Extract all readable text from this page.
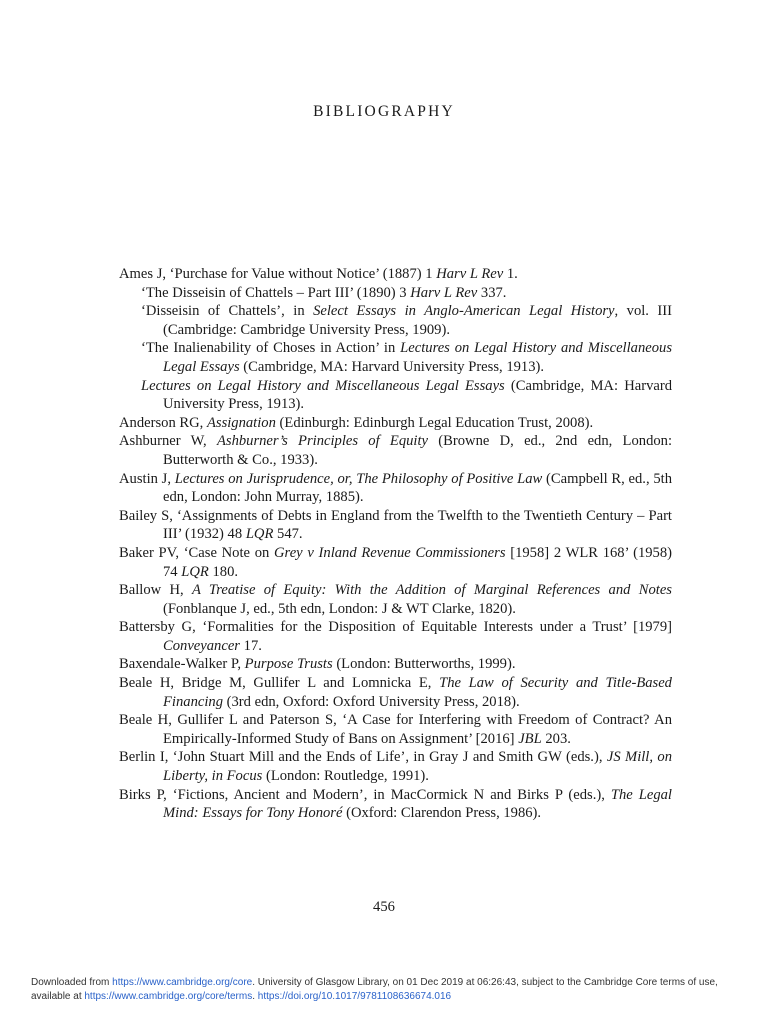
BIBLIOGRAPHY
Ames J, ‘Purchase for Value without Notice’ (1887) 1 Harv L Rev 1.
‘The Disseisin of Chattels – Part III’ (1890) 3 Harv L Rev 337.
‘Disseisin of Chattels’, in Select Essays in Anglo-American Legal History, vol. III (Cambridge: Cambridge University Press, 1909).
‘The Inalienability of Choses in Action’ in Lectures on Legal History and Miscellaneous Legal Essays (Cambridge, MA: Harvard University Press, 1913).
Lectures on Legal History and Miscellaneous Legal Essays (Cambridge, MA: Harvard University Press, 1913).
Anderson RG, Assignation (Edinburgh: Edinburgh Legal Education Trust, 2008).
Ashburner W, Ashburner’s Principles of Equity (Browne D, ed., 2nd edn, London: Butterworth & Co., 1933).
Austin J, Lectures on Jurisprudence, or, The Philosophy of Positive Law (Campbell R, ed., 5th edn, London: John Murray, 1885).
Bailey S, ‘Assignments of Debts in England from the Twelfth to the Twentieth Century – Part III’ (1932) 48 LQR 547.
Baker PV, ‘Case Note on Grey v Inland Revenue Commissioners [1958] 2 WLR 168’ (1958) 74 LQR 180.
Ballow H, A Treatise of Equity: With the Addition of Marginal References and Notes (Fonblanque J, ed., 5th edn, London: J & WT Clarke, 1820).
Battersby G, ‘Formalities for the Disposition of Equitable Interests under a Trust’ [1979] Conveyancer 17.
Baxendale-Walker P, Purpose Trusts (London: Butterworths, 1999).
Beale H, Bridge M, Gullifer L and Lomnicka E, The Law of Security and Title-Based Financing (3rd edn, Oxford: Oxford University Press, 2018).
Beale H, Gullifer L and Paterson S, ‘A Case for Interfering with Freedom of Contract? An Empirically-Informed Study of Bans on Assignment’ [2016] JBL 203.
Berlin I, ‘John Stuart Mill and the Ends of Life’, in Gray J and Smith GW (eds.), JS Mill, on Liberty, in Focus (London: Routledge, 1991).
Birks P, ‘Fictions, Ancient and Modern’, in MacCormick N and Birks P (eds.), The Legal Mind: Essays for Tony Honoré (Oxford: Clarendon Press, 1986).
456
Downloaded from https://www.cambridge.org/core. University of Glasgow Library, on 01 Dec 2019 at 06:26:43, subject to the Cambridge Core terms of use, available at https://www.cambridge.org/core/terms. https://doi.org/10.1017/9781108636674.016
